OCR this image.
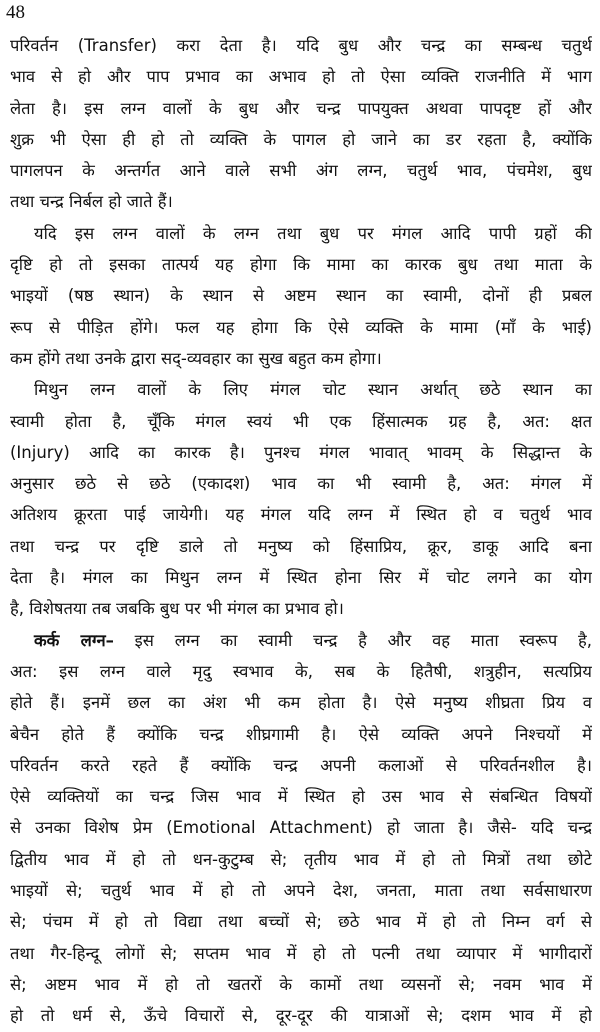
48
परिवर्तन (Transfer) करा देता है। यदि बुध और चन्द्र का सम्बन्ध चतुर्थ
भाव से हो और पाप प्रभाव का अभाव हो तो ऐसा व्यक्ति राजनीति में भाग
लेता है। इस लग्न वालों के बुध और चन्द्र पापयुक्त अथवा पापदृष्ट हों और
शुक्र भी ऐसा ही हो तो व्यक्ति के पागल हो जाने का डर रहता है, क्योंकि
पागलपन के अन्तर्गत आने वाले सभी अंग लग्न, चतुर्थ भाव, पंचमेश, बुध
तथा चन्द्र निर्बल हो जाते हैं।
यदि इस लग्न वालों के लग्न तथा बुध पर मंगल आदि पापी ग्रहों की
दृष्टि हो तो इसका तात्पर्य यह होगा कि मामा का कारक बुध तथा माता के
भाइयों (षष्ठ स्थान) के स्थान से अष्टम स्थान का स्वामी, दोनों ही प्रबल
रूप से पीड़ित होंगे। फल यह होगा कि ऐसे व्यक्ति के मामा (माँ के भाई)
कम होंगे तथा उनके द्वारा सद्-व्यवहार का सुख बहुत कम होगा।
मिथुन लग्न वालों के लिए मंगल चोट स्थान अर्थात् छठे स्थान का
स्वामी होता है, चूँकि मंगल स्वयं भी एक हिंसात्मक ग्रह है, अत: क्षत
(Injury) आदि का कारक है। पुनश्च मंगल भावात् भावम् के सिद्धान्त के
अनुसार छठे से छठे (एकादश) भाव का भी स्वामी है, अत: मंगल में
अतिशय क्रूरता पाई जायेगी। यह मंगल यदि लग्न में स्थित हो व चतुर्थ भाव
तथा चन्द्र पर दृष्टि डाले तो मनुष्य को हिंसाप्रिय, क्रूर, डाकू आदि बना
देता है। मंगल का मिथुन लग्न में स्थित होना सिर में चोट लगने का योग
है, विशेषतया तब जबकि बुध पर भी मंगल का प्रभाव हो।
कर्क लग्न– इस लग्न का स्वामी चन्द्र है और वह माता स्वरूप है,
अत: इस लग्न वाले मृदु स्वभाव के, सब के हितैषी, शत्रुहीन, सत्यप्रिय
होते हैं। इनमें छल का अंश भी कम होता है। ऐसे मनुष्य शीघ्रता प्रिय व
बेचैन होते हैं क्योंकि चन्द्र शीघ्रगामी है। ऐसे व्यक्ति अपने निश्चयों में
परिवर्तन करते रहते हैं क्योंकि चन्द्र अपनी कलाओं से परिवर्तनशील है।
ऐसे व्यक्तियों का चन्द्र जिस भाव में स्थित हो उस भाव से संबन्धित विषयों
से उनका विशेष प्रेम (Emotional Attachment) हो जाता है। जैसे- यदि चन्द्र
द्वितीय भाव में हो तो धन-कुटुम्ब से; तृतीय भाव में हो तो मित्रों तथा छोटे
भाइयों से; चतुर्थ भाव में हो तो अपने देश, जनता, माता तथा सर्वसाधारण
से; पंचम में हो तो विद्या तथा बच्चों से; छठे भाव में हो तो निम्न वर्ग से
तथा गैर-हिन्दू लोगों से; सप्तम भाव में हो तो पत्नी तथा व्यापार में भागीदारों
से; अष्टम भाव में हो तो खतरों के कामों तथा व्यसनों से; नवम भाव में
हो तो धर्म से, ऊँचे विचारों से, दूर-दूर की यात्राओं से; दशम भाव में हो
